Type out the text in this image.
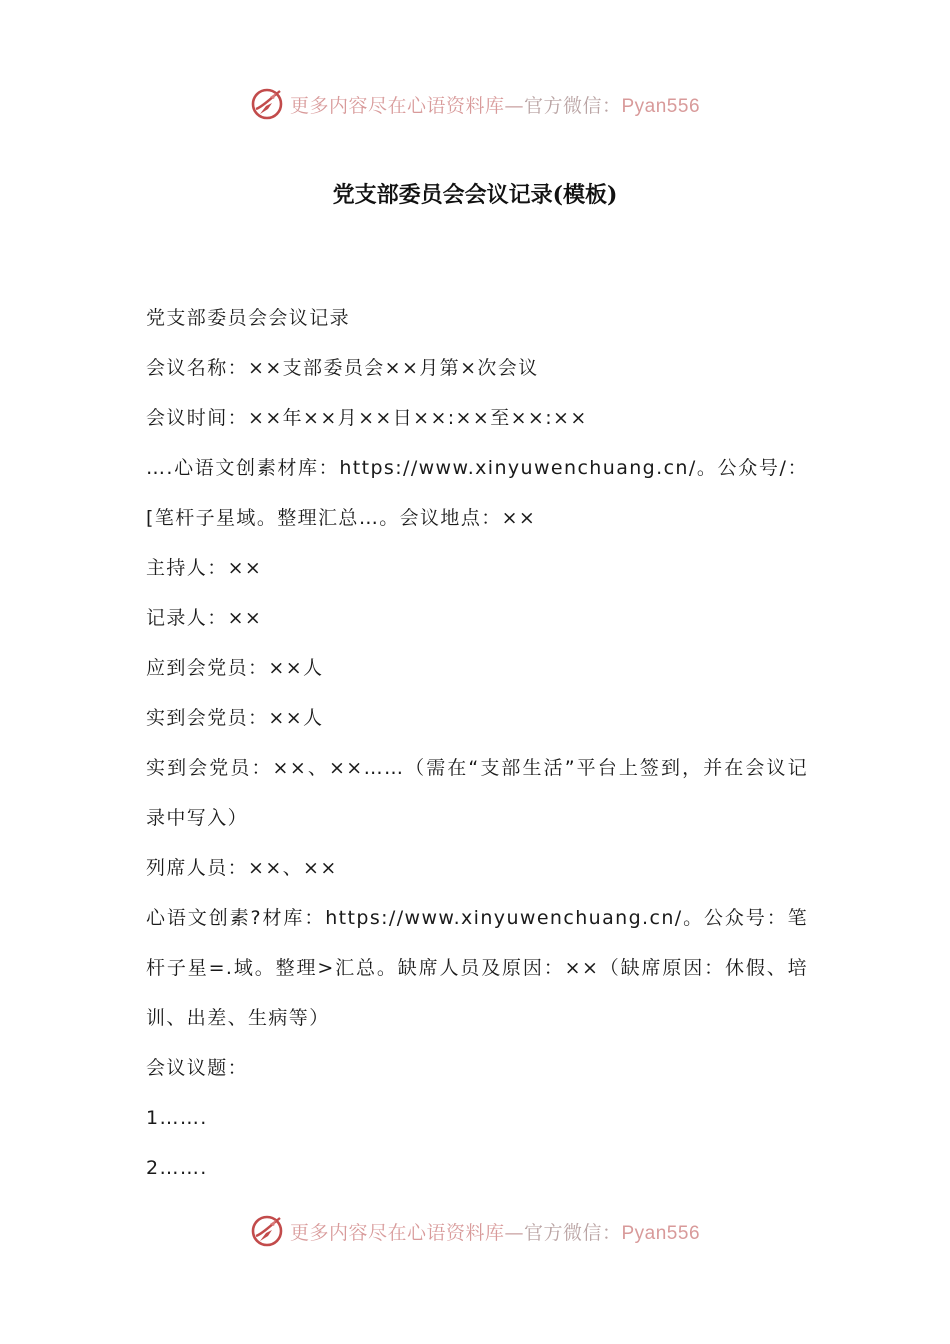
更多内容尽在心语资料库—官方微信：Pyan556
党支部委员会会议记录(模板)

党支部委员会会议记录

会议名称：××支部委员会××月第×次会议

会议时间：××年××月××日××:××至××:××

….心语文创素材库：https://www.xinyuwenchuang.cn/。公众号/：[笔杆子星域。整理汇总…。会议地点：××

主持人：××

记录人：××

应到会党员：××人

实到会党员：××人

实到会党员：××、××……（需在“支部生活”平台上签到，并在会议记录中写入）

列席人员：××、××

心语文创素?材库：https://www.xinyuwenchuang.cn/。公众号：笔杆子星=.域。整理>汇总。缺席人员及原因：××（缺席原因：休假、培训、出差、生病等）

会议议题：

1…….

2…….

更多内容尽在心语资料库—官方微信：Pyan556
